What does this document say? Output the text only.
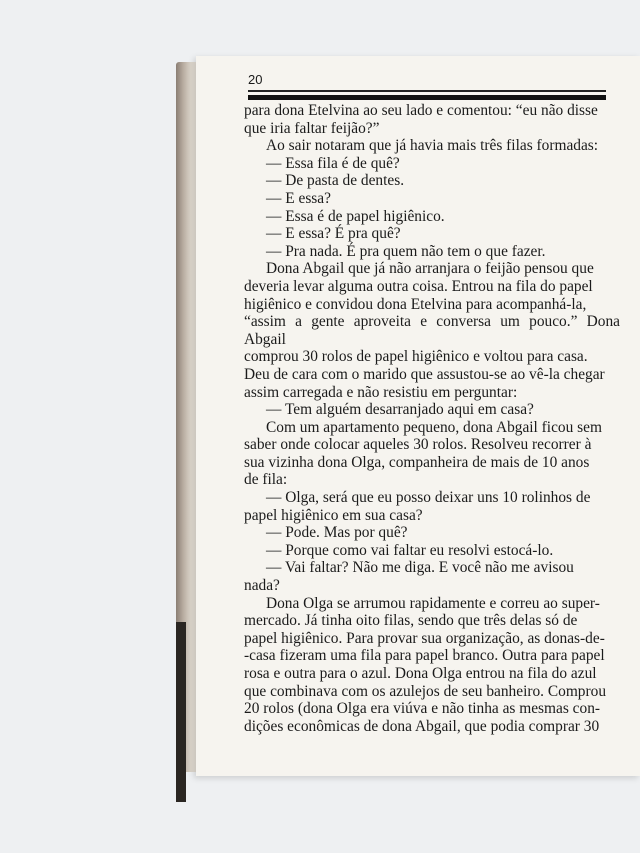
20

para dona Etelvina ao seu lado e comentou: “eu não disse

que iria faltar feijão?”

Ao sair notaram que já havia mais três filas formadas:

— Essa fila é de quê?

— De pasta de dentes.

— E essa?

— Essa é de papel higiênico.

— E essa? É pra quê?

— Pra nada. É pra quem não tem o que fazer.

Dona Abgail que já não arranjara o feijão pensou que

deveria levar alguma outra coisa. Entrou na fila do papel

higiênico e convidou dona Etelvina para acompanhá-la,

“assim a gente aproveita e conversa um pouco.” Dona Abgail

comprou 30 rolos de papel higiênico e voltou para casa.

Deu de cara com o marido que assustou-se ao vê-la chegar

assim carregada e não resistiu em perguntar:

— Tem alguém desarranjado aqui em casa?

Com um apartamento pequeno, dona Abgail ficou sem

saber onde colocar aqueles 30 rolos. Resolveu recorrer à

sua vizinha dona Olga, companheira de mais de 10 anos

de fila:

— Olga, será que eu posso deixar uns 10 rolinhos de

papel higiênico em sua casa?

— Pode. Mas por quê?

— Porque como vai faltar eu resolvi estocá-lo.

— Vai faltar? Não me diga. E você não me avisou

nada?

Dona Olga se arrumou rapidamente e correu ao super-

mercado. Já tinha oito filas, sendo que três delas só de

papel higiênico. Para provar sua organização, as donas-de-

-casa fizeram uma fila para papel branco. Outra para papel

rosa e outra para o azul. Dona Olga entrou na fila do azul

que combinava com os azulejos de seu banheiro. Comprou

20 rolos (dona Olga era viúva e não tinha as mesmas con-

dições econômicas de dona Abgail, que podia comprar 30
